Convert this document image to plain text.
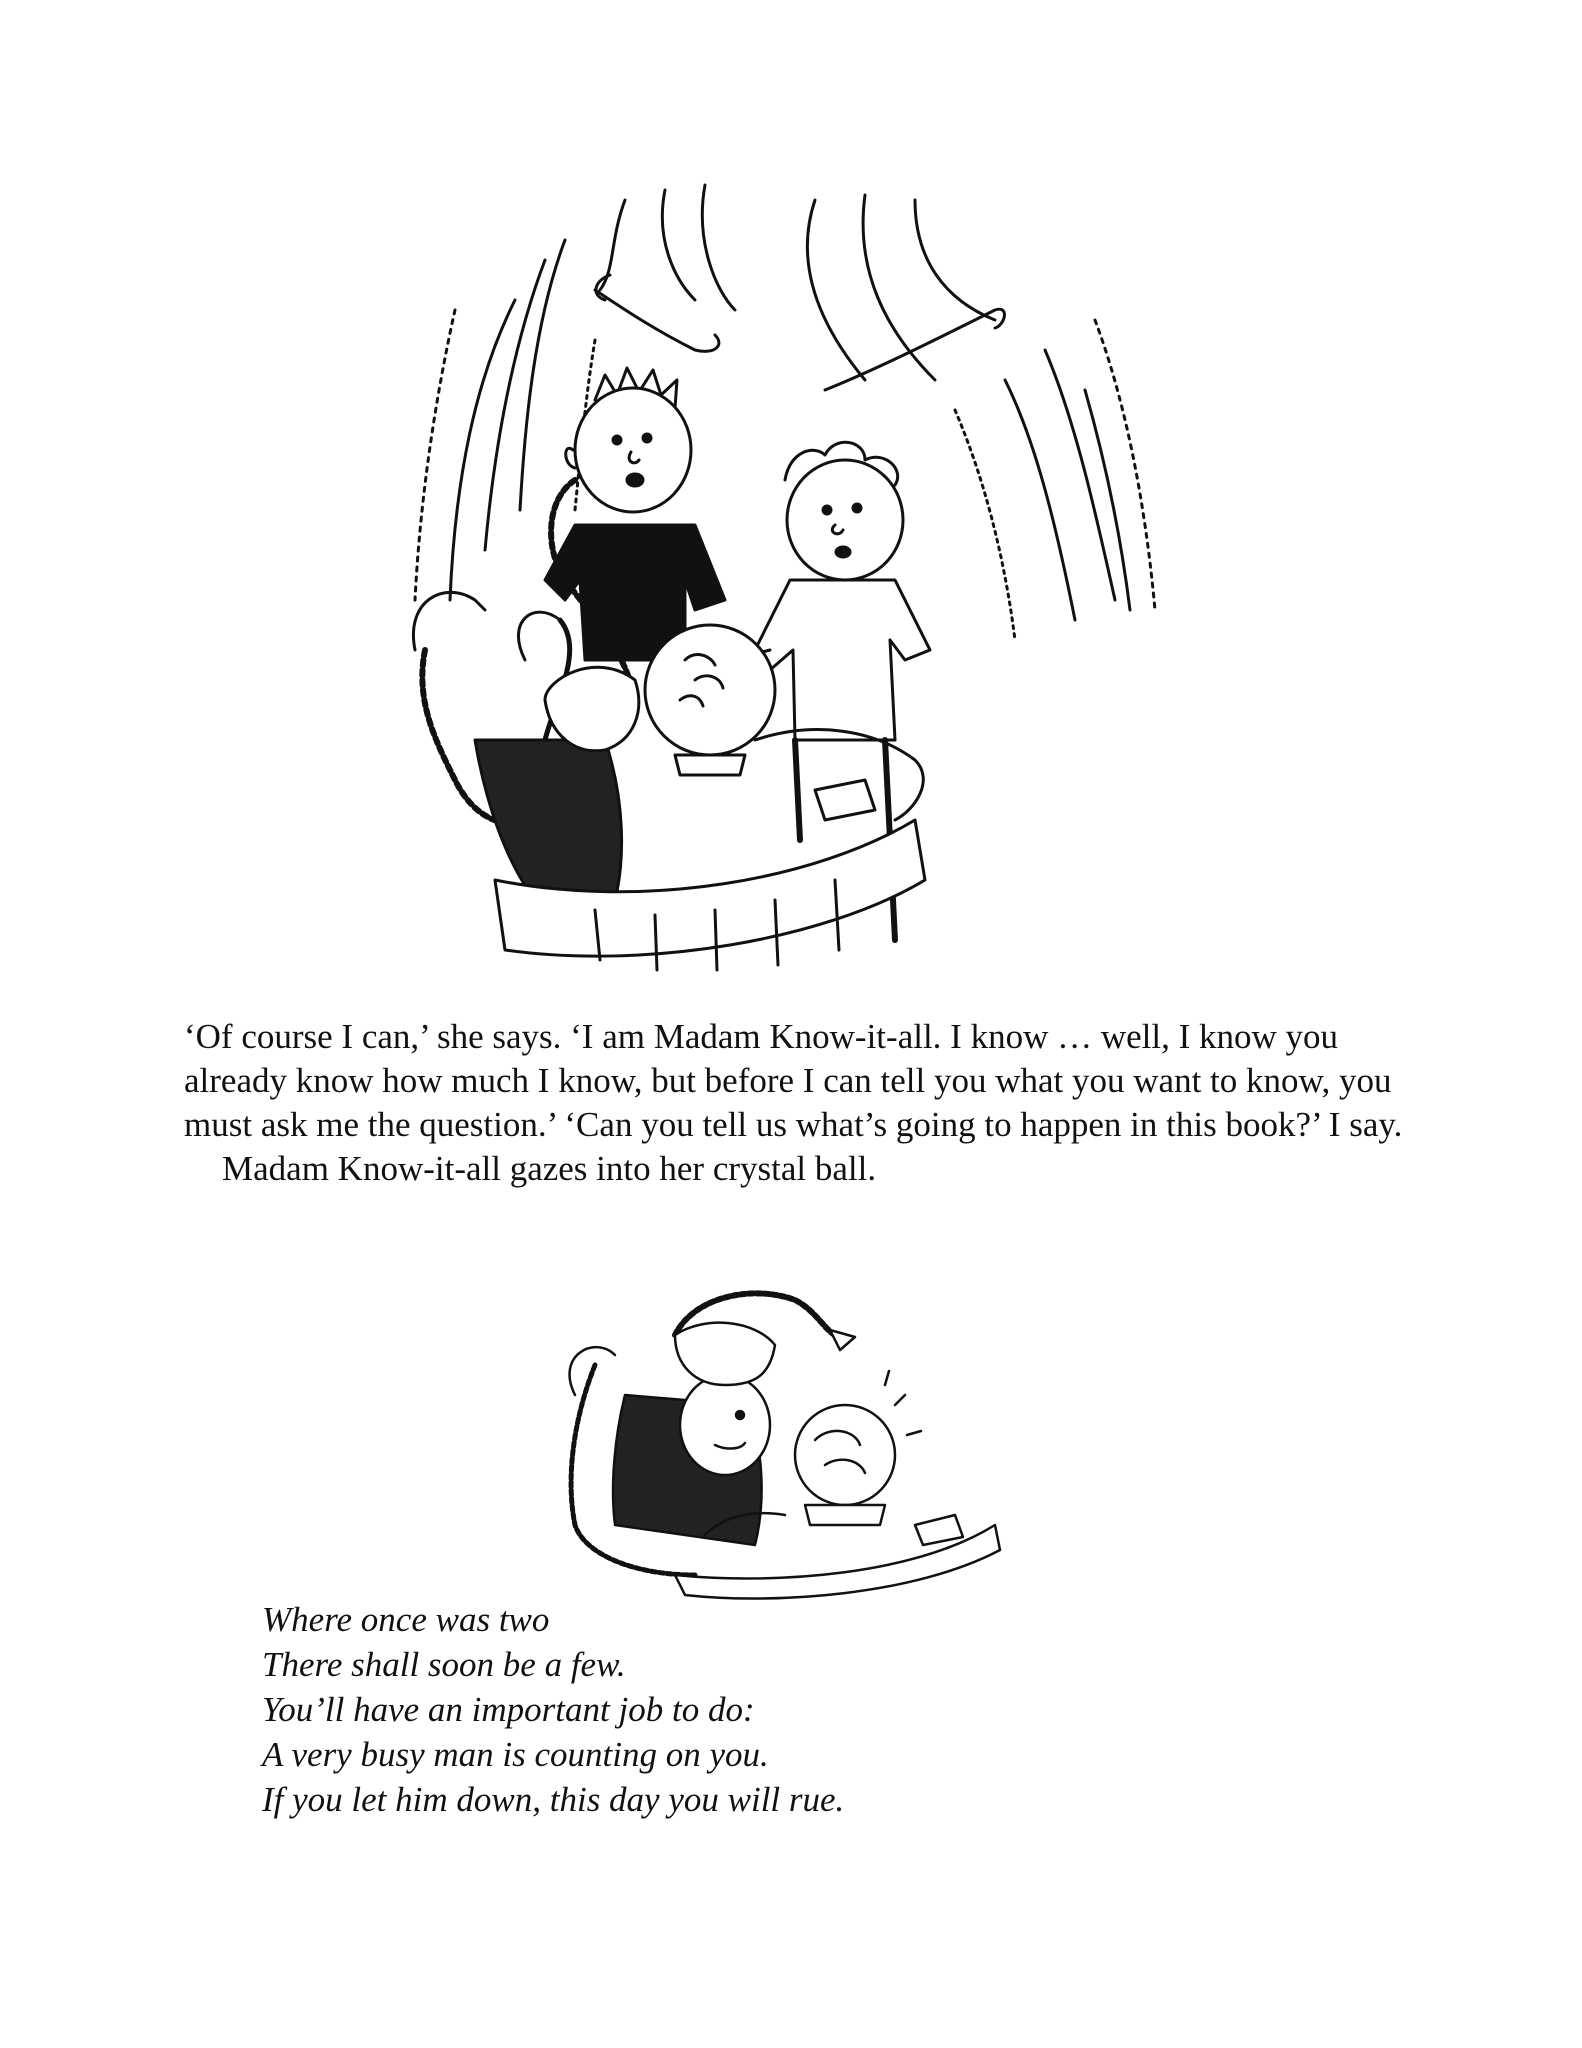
‘Of course I can,’ she says. ‘I am Madam Know-it-all. I know … well, I know you already know how much I know, but before I can tell you what you want to know, you must ask me the question.’ ‘Can you tell us what’s going to happen in this book?’ I say.

Madam Know-it-all gazes into her crystal ball.

Where once was two
There shall soon be a few.
You’ll have an important job to do:
A very busy man is counting on you.
If you let him down, this day you will rue.
